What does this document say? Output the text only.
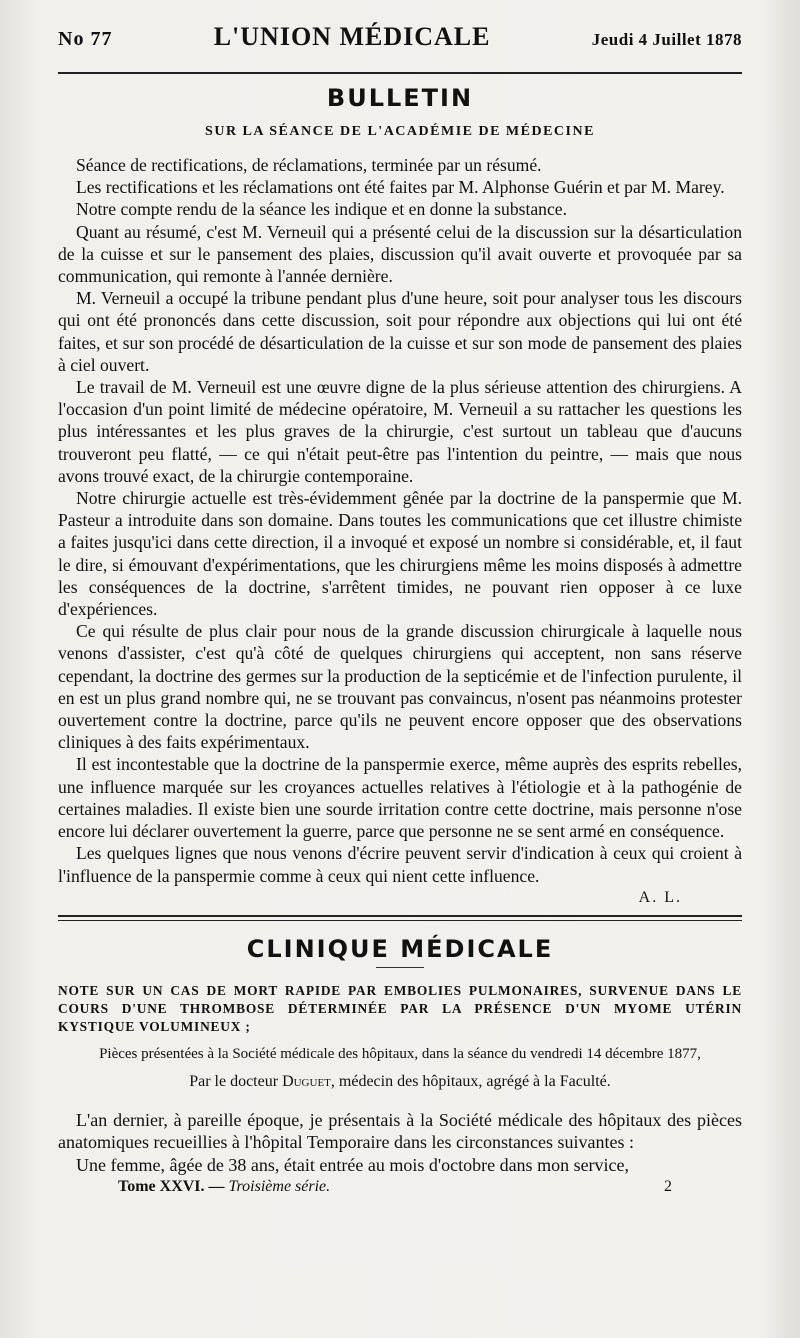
No 77	L'UNION MÉDICALE	Jeudi 4 Juillet 1878
BULLETIN
SUR LA SÉANCE DE L'ACADÉMIE DE MÉDECINE

Séance de rectifications, de réclamations, terminée par un résumé.

Les rectifications et les réclamations ont été faites par M. Alphonse Guérin et par M. Marey.

Notre compte rendu de la séance les indique et en donne la substance.

Quant au résumé, c'est M. Verneuil qui a présenté celui de la discussion sur la désarticulation de la cuisse et sur le pansement des plaies, discussion qu'il avait ouverte et provoquée par sa communication, qui remonte à l'année dernière.

M. Verneuil a occupé la tribune pendant plus d'une heure, soit pour analyser tous les discours qui ont été prononcés dans cette discussion, soit pour répondre aux objections qui lui ont été faites, et sur son procédé de désarticulation de la cuisse et sur son mode de pansement des plaies à ciel ouvert.

Le travail de M. Verneuil est une œuvre digne de la plus sérieuse attention des chirurgiens. A l'occasion d'un point limité de médecine opératoire, M. Verneuil a su rattacher les questions les plus intéressantes et les plus graves de la chirurgie, c'est surtout un tableau que d'aucuns trouveront peu flatté, — ce qui n'était peut-être pas l'intention du peintre, — mais que nous avons trouvé exact, de la chirurgie contemporaine.

Notre chirurgie actuelle est très-évidemment gênée par la doctrine de la panspermie que M. Pasteur a introduite dans son domaine. Dans toutes les communications que cet illustre chimiste a faites jusqu'ici dans cette direction, il a invoqué et exposé un nombre si considérable, et, il faut le dire, si émouvant d'expérimentations, que les chirurgiens même les moins disposés à admettre les conséquences de la doctrine, s'arrêtent timides, ne pouvant rien opposer à ce luxe d'expériences.

Ce qui résulte de plus clair pour nous de la grande discussion chirurgicale à laquelle nous venons d'assister, c'est qu'à côté de quelques chirurgiens qui acceptent, non sans réserve cependant, la doctrine des germes sur la production de la septicémie et de l'infection purulente, il en est un plus grand nombre qui, ne se trouvant pas convaincus, n'osent pas néanmoins protester ouvertement contre la doctrine, parce qu'ils ne peuvent encore opposer que des observations cliniques à des faits expérimentaux.

Il est incontestable que la doctrine de la panspermie exerce, même auprès des esprits rebelles, une influence marquée sur les croyances actuelles relatives à l'étiologie et à la pathogénie de certaines maladies. Il existe bien une sourde irritation contre cette doctrine, mais personne n'ose encore lui déclarer ouvertement la guerre, parce que personne ne se sent armé en conséquence.

Les quelques lignes que nous venons d'écrire peuvent servir d'indication à ceux qui croient à l'influence de la panspermie comme à ceux qui nient cette influence.

A. L.
CLINIQUE MÉDICALE
NOTE SUR UN CAS DE MORT RAPIDE PAR EMBOLIES PULMONAIRES, SURVENUE DANS LE COURS D'UNE THROMBOSE DÉTERMINÉE PAR LA PRÉSENCE D'UN MYOME UTÉRIN KYSTIQUE VOLUMINEUX ;
Pièces présentées à la Société médicale des hôpitaux, dans la séance du vendredi 14 décembre 1877,
Par le docteur Duguet, médecin des hôpitaux, agrégé à la Faculté.

L'an dernier, à pareille époque, je présentais à la Société médicale des hôpitaux des pièces anatomiques recueillies à l'hôpital Temporaire dans les circonstances suivantes :

Une femme, âgée de 38 ans, était entrée au mois d'octobre dans mon service,

Tome XXVI. — Troisième série.	2
